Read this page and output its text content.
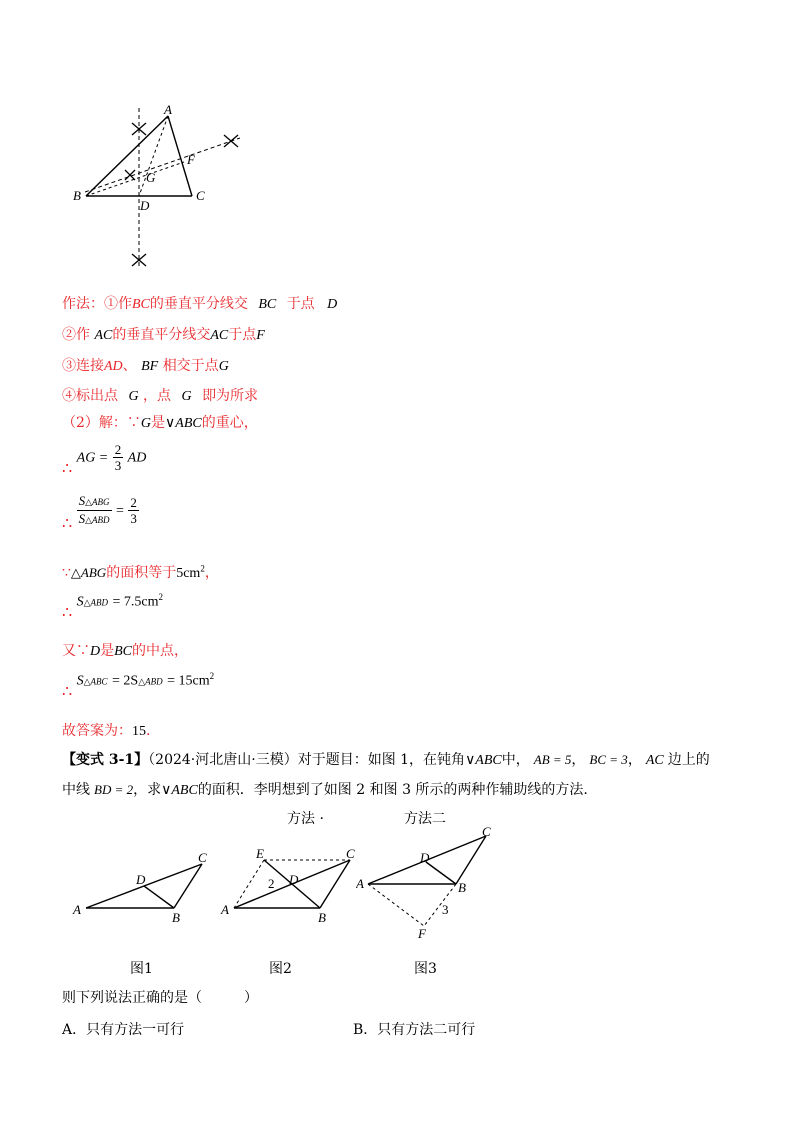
A
B	C
D
F
G
作法：①作BC的垂直平分线交 BC 于点 D
②作 AC的垂直平分线交AC于点F
③连接AD、 BF 相交于点G
④标出点 G ，点 G 即为所求
（2）解：∵G是∨ABC的重心，
∴ AG = $\frac{2}{3}$ AD
∴ $\frac{\text{S△ABG}}{\text{S△ABD}} = \frac{2}{3}$
∵△ABG的面积等于$5cm^2$，
∴ S△ABD = $7.5cm^2$
又∵D是BC的中点，
∴ S△ABC = 2S△ABD = $15cm^2$
故答案为：15.
【变式 3-1】（2024·河北唐山·三模）对于题目：如图 1，在钝角∨ABC中， AB = 5， BC = 3， AC 边上的
中线 BD = 2，求∨ABC的面积．李明想到了如图 2 和图 3 所示的两种作辅助线的方法.
方法 ·	方法二
A
B
C
D
A
B
C
D
E
2	A	B
C
D
F
3
图1	图2	图3
则下列说法正确的是（　　　）
A．只有方法一可行	B．只有方法二可行
